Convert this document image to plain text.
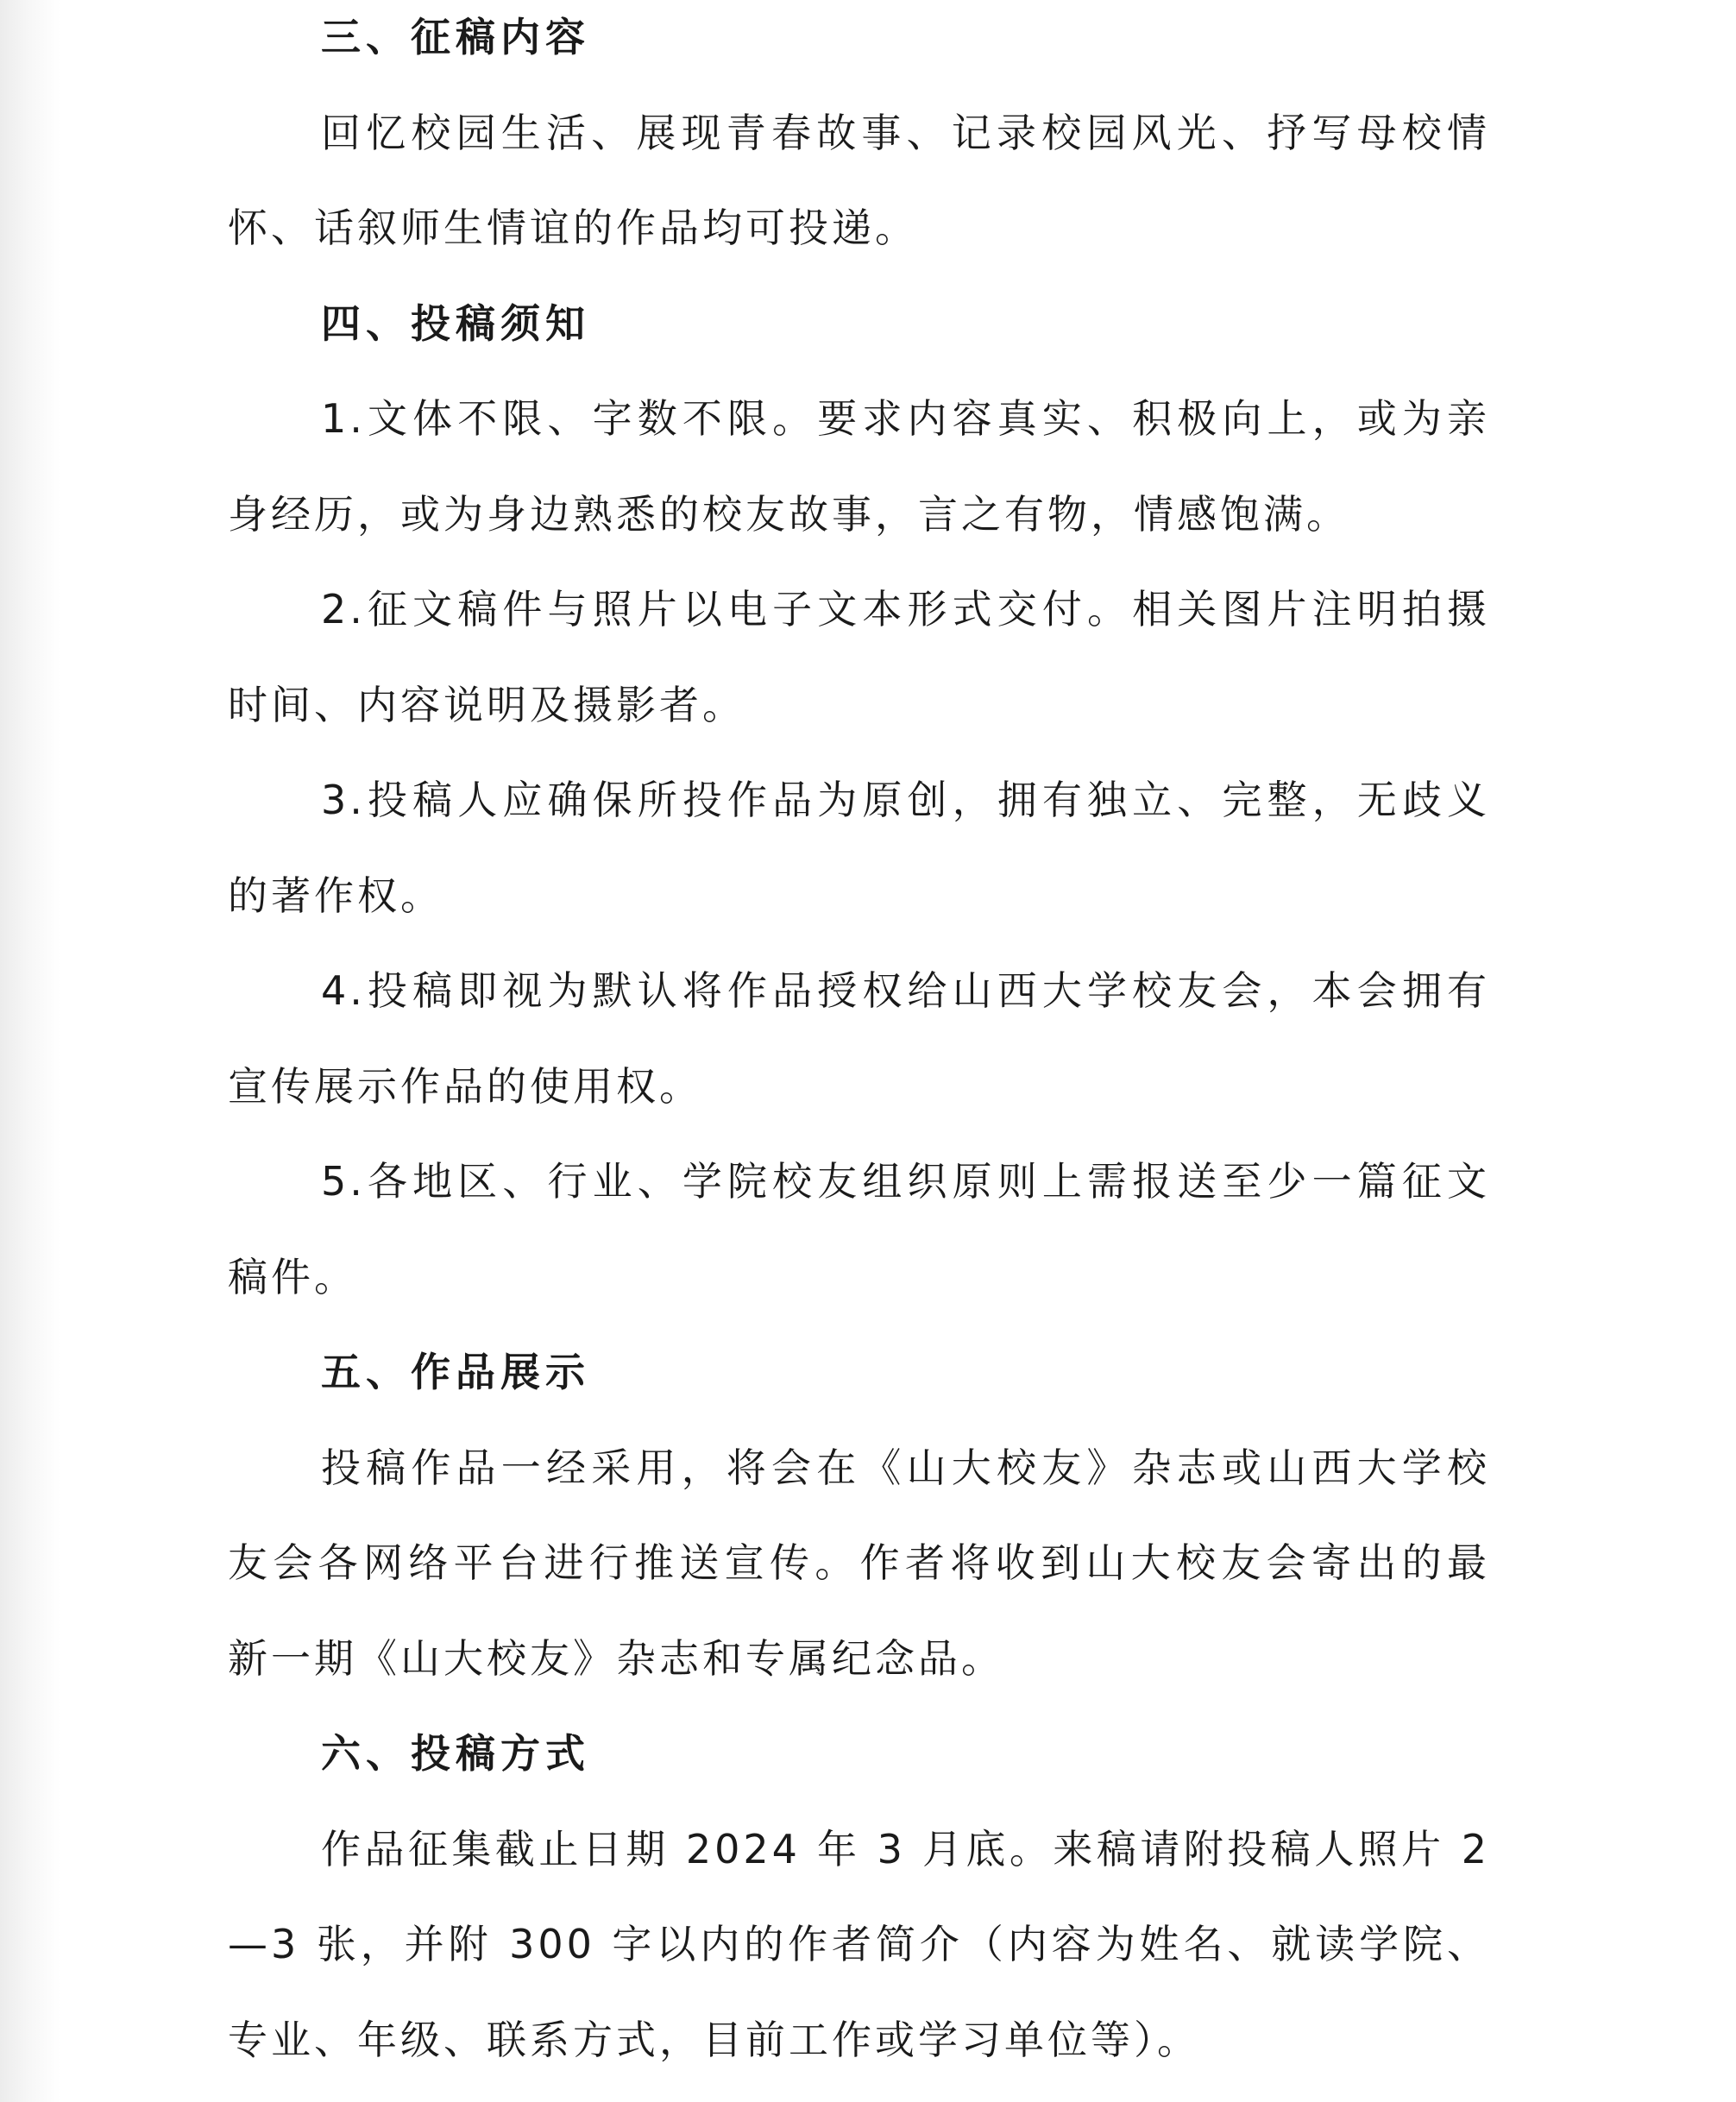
三、征稿内容
回忆校园生活、展现青春故事、记录校园风光、抒写母校情
怀、话叙师生情谊的作品均可投递。
四、投稿须知
1.文体不限、字数不限。要求内容真实、积极向上，或为亲
身经历，或为身边熟悉的校友故事，言之有物，情感饱满。
2.征文稿件与照片以电子文本形式交付。相关图片注明拍摄
时间、内容说明及摄影者。
3.投稿人应确保所投作品为原创，拥有独立、完整，无歧义
的著作权。
4.投稿即视为默认将作品授权给山西大学校友会，本会拥有
宣传展示作品的使用权。
5.各地区、行业、学院校友组织原则上需报送至少一篇征文
稿件。
五、作品展示
投稿作品一经采用，将会在《山大校友》杂志或山西大学校
友会各网络平台进行推送宣传。作者将收到山大校友会寄出的最
新一期《山大校友》杂志和专属纪念品。
六、投稿方式
作品征集截止日期 2024 年 3 月底。来稿请附投稿人照片 2
—3 张，并附 300 字以内的作者简介（内容为姓名、就读学院、
专业、年级、联系方式，目前工作或学习单位等）。
